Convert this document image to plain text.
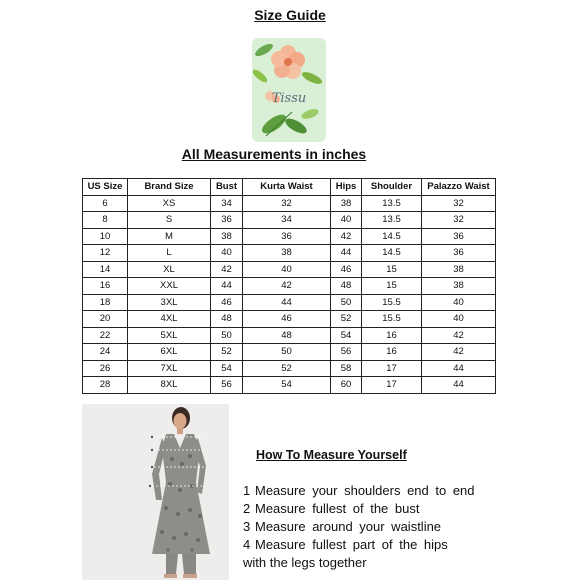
Size Guide
Tissu
All Measurements in inches
US Size	Brand Size	Bust	Kurta Waist	Hips	Shoulder	Palazzo Waist
6	XS	34	32	38	13.5	32
8	S	36	34	40	13.5	32
10	M	38	36	42	14.5	36
12	L	40	38	44	14.5	36
14	XL	42	40	46	15	38
16	XXL	44	42	48	15	38
18	3XL	46	44	50	15.5	40
20	4XL	48	46	52	15.5	40
22	5XL	50	48	54	16	42
24	6XL	52	50	56	16	42
26	7XL	54	52	58	17	44
28	8XL	56	54	60	17	44
How To Measure Yourself
1 Measure your shoulders end to end
2 Measure fullest of the bust
3 Measure around your waistline
4 Measure fullest part of the hips
with the legs together
